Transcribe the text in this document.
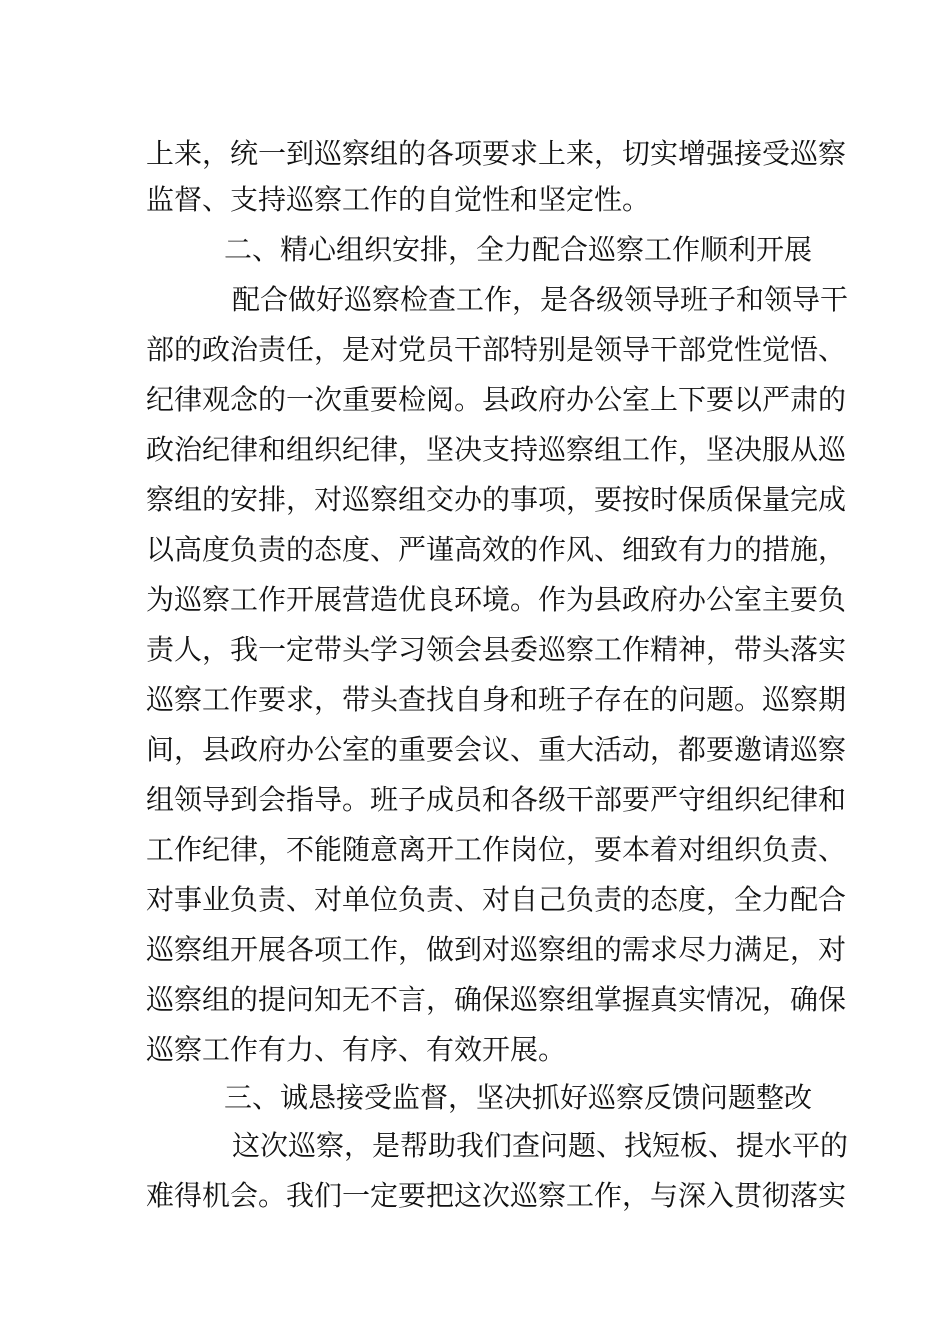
上来，统一到巡察组的各项要求上来，切实增强接受巡察
监督、支持巡察工作的自觉性和坚定性。
二、精心组织安排，全力配合巡察工作顺利开展
配合做好巡察检查工作，是各级领导班子和领导干
部的政治责任，是对党员干部特别是领导干部党性觉悟、
纪律观念的一次重要检阅。县政府办公室上下要以严肃的
政治纪律和组织纪律，坚决支持巡察组工作，坚决服从巡
察组的安排，对巡察组交办的事项，要按时保质保量完成
以高度负责的态度、严谨高效的作风、细致有力的措施，
为巡察工作开展营造优良环境。作为县政府办公室主要负
责人，我一定带头学习领会县委巡察工作精神，带头落实
巡察工作要求，带头查找自身和班子存在的问题。巡察期
间，县政府办公室的重要会议、重大活动，都要邀请巡察
组领导到会指导。班子成员和各级干部要严守组织纪律和
工作纪律，不能随意离开工作岗位，要本着对组织负责、
对事业负责、对单位负责、对自己负责的态度，全力配合
巡察组开展各项工作，做到对巡察组的需求尽力满足，对
巡察组的提问知无不言，确保巡察组掌握真实情况，确保
巡察工作有力、有序、有效开展。
三、诚恳接受监督，坚决抓好巡察反馈问题整改
这次巡察，是帮助我们查问题、找短板、提水平的
难得机会。我们一定要把这次巡察工作，与深入贯彻落实
